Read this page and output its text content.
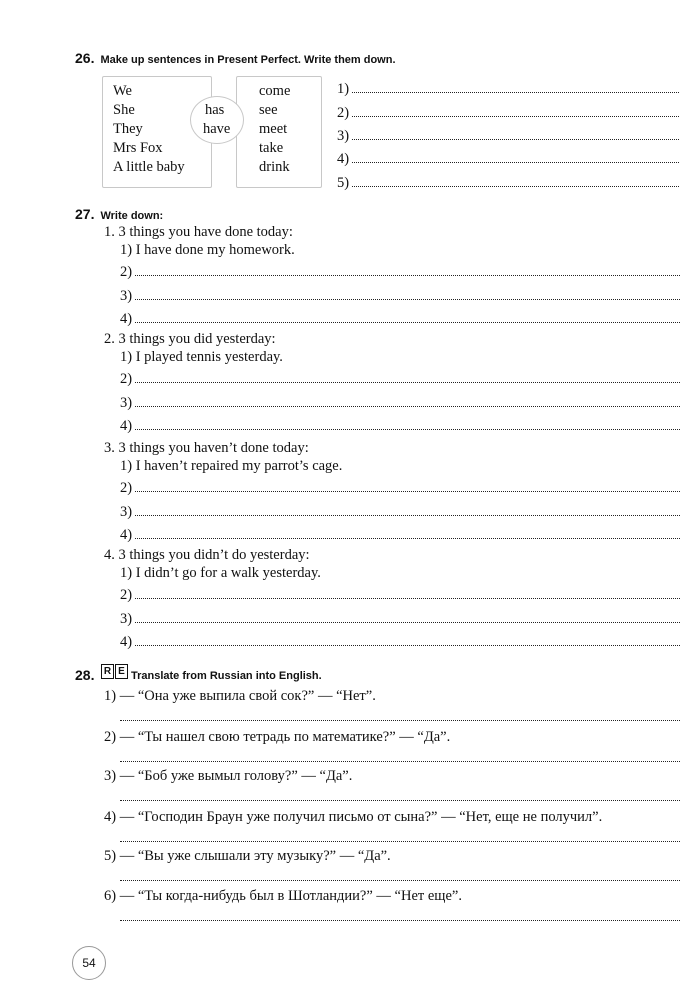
26. Make up sentences in Present Perfect. Write them down.
We
She
They
Mrs Fox
A little baby
has
have
come
see
meet
take
drink
1)
2)
3)
4)
5)
27. Write down:
1. 3 things you have done today:
1) I have done my homework.
2)
3)
4)
2. 3 things you did yesterday:
1) I played tennis yesterday.
2)
3)
4)
3. 3 things you haven’t done today:
1) I haven’t repaired my parrot’s cage.
2)
3)
4)
4. 3 things you didn’t do yesterday:
1) I didn’t go for a walk yesterday.
2)
3)
4)
28. R E Translate from Russian into English.
1) — “Она уже выпила свой сок?” — “Нет”.
2) — “Ты нашел свою тетрадь по математике?” — “Да”.
3) — “Боб уже вымыл голову?” — “Да”.
4) — “Господин Браун уже получил письмо от сына?” — “Нет, еще не получил”.
5) — “Вы уже слышали эту музыку?” — “Да”.
6) — “Ты когда-нибудь был в Шотландии?” — “Нет еще”.
54
